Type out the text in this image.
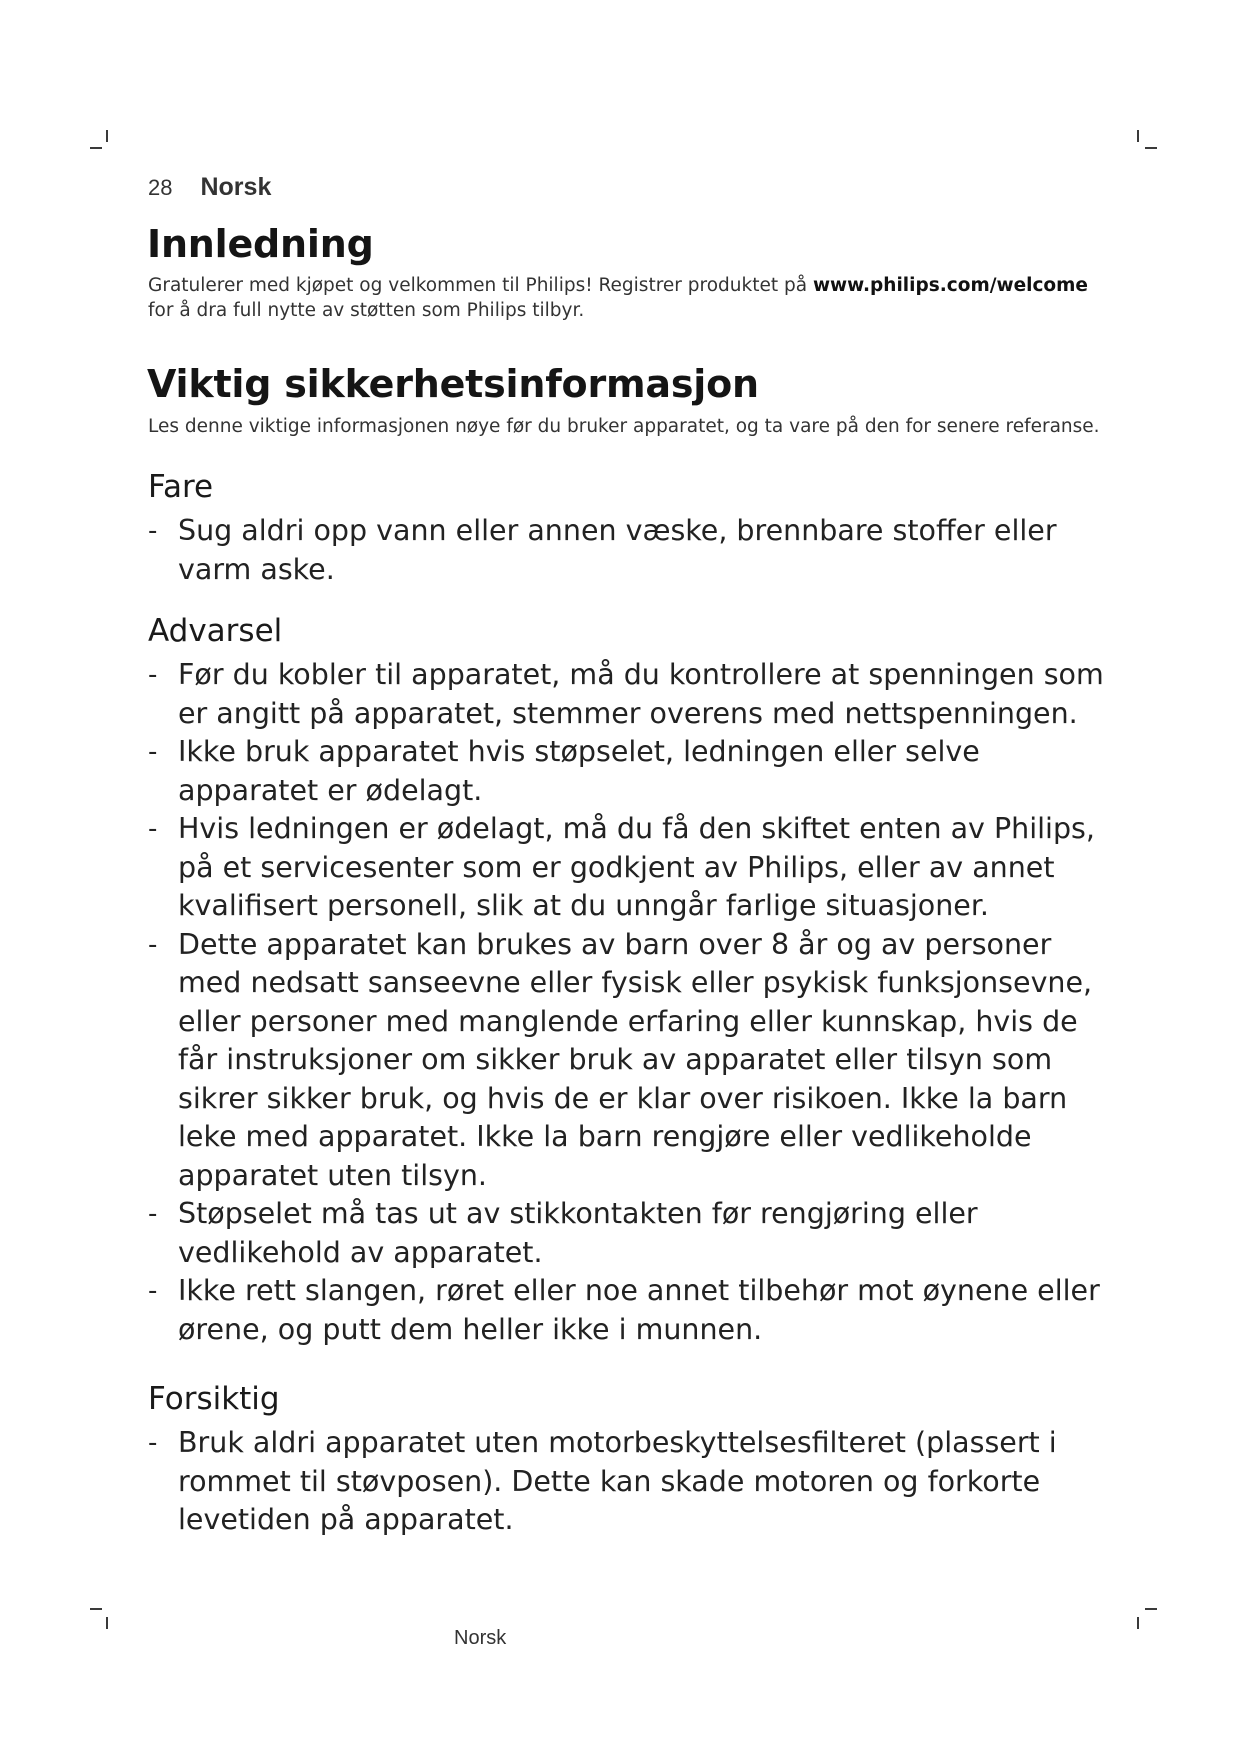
28 Norsk
Innledning

Gratulerer med kjøpet og velkommen til Philips! Registrer produktet på www.philips.com/welcome for å dra full nytte av støtten som Philips tilbyr.

Viktig sikkerhetsinformasjon

Les denne viktige informasjonen nøye før du bruker apparatet, og ta vare på den for senere referanse.

Fare
- Sug aldri opp vann eller annen væske, brennbare stoffer eller varm aske.
Advarsel
- Før du kobler til apparatet, må du kontrollere at spenningen som er angitt på apparatet, stemmer overens med nettspenningen.
- Ikke bruk apparatet hvis støpselet, ledningen eller selve apparatet er ødelagt.
- Hvis ledningen er ødelagt, må du få den skiftet enten av Philips, på et servicesenter som er godkjent av Philips, eller av annet kvalifisert personell, slik at du unngår farlige situasjoner.
- Dette apparatet kan brukes av barn over 8 år og av personer med nedsatt sanseevne eller fysisk eller psykisk funksjonsevne, eller personer med manglende erfaring eller kunnskap, hvis de får instruksjoner om sikker bruk av apparatet eller tilsyn som sikrer sikker bruk, og hvis de er klar over risikoen. Ikke la barn leke med apparatet. Ikke la barn rengjøre eller vedlikeholde apparatet uten tilsyn.
- Støpselet må tas ut av stikkontakten før rengjøring eller vedlikehold av apparatet.
- Ikke rett slangen, røret eller noe annet tilbehør mot øynene eller ørene, og putt dem heller ikke i munnen.
Forsiktig
- Bruk aldri apparatet uten motorbeskyttelsesfilteret (plassert i rommet til støvposen). Dette kan skade motoren og forkorte levetiden på apparatet.
Norsk
